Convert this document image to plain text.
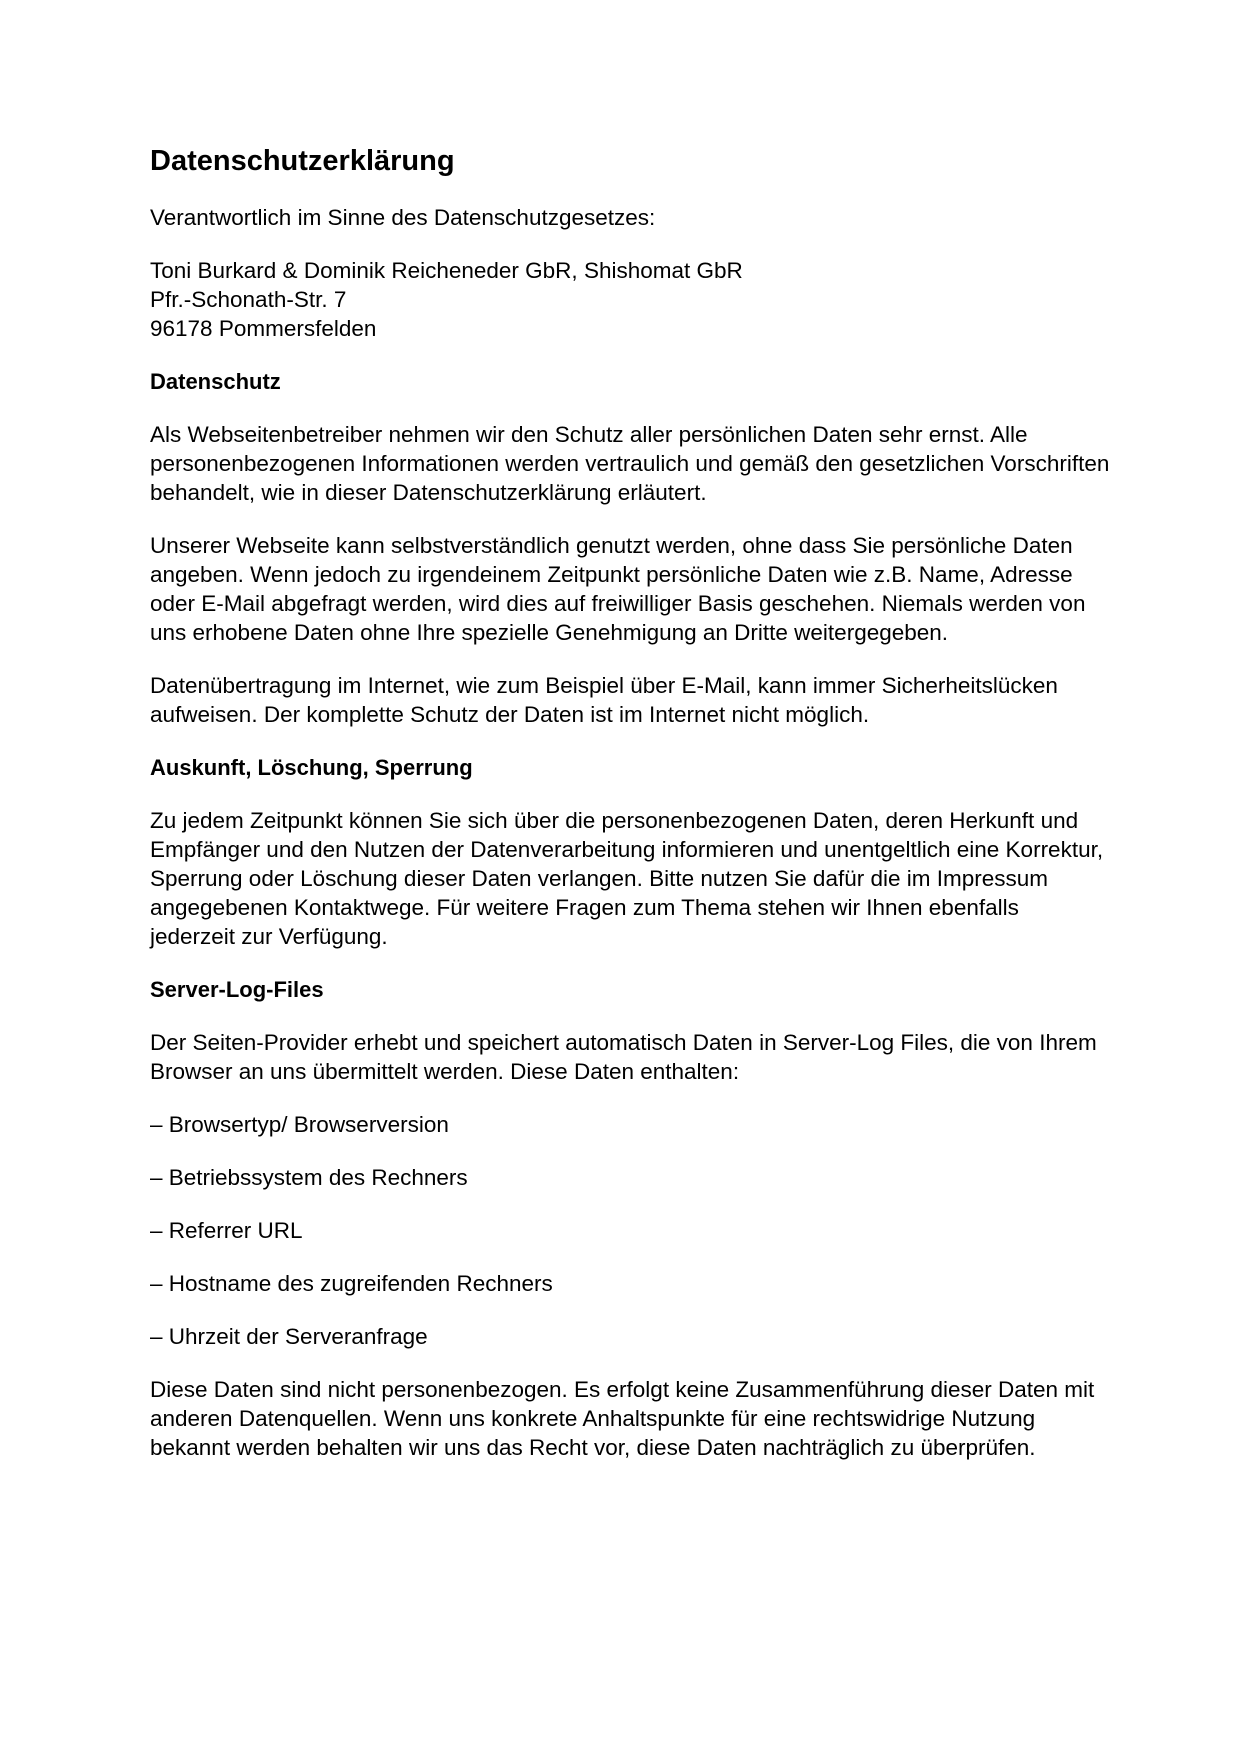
Datenschutzerklärung

Verantwortlich im Sinne des Datenschutzgesetzes:

Toni Burkard & Dominik Reicheneder GbR, Shishomat GbR
Pfr.-Schonath-Str. 7
96178 Pommersfelden

Datenschutz

Als Webseitenbetreiber nehmen wir den Schutz aller persönlichen Daten sehr ernst. Alle personenbezogenen Informationen werden vertraulich und gemäß den gesetzlichen Vorschriften behandelt, wie in dieser Datenschutzerklärung erläutert.

Unserer Webseite kann selbstverständlich genutzt werden, ohne dass Sie persönliche Daten angeben. Wenn jedoch zu irgendeinem Zeitpunkt persönliche Daten wie z.B. Name, Adresse oder E-Mail abgefragt werden, wird dies auf freiwilliger Basis geschehen. Niemals werden von uns erhobene Daten ohne Ihre spezielle Genehmigung an Dritte weitergegeben.

Datenübertragung im Internet, wie zum Beispiel über E-Mail, kann immer Sicherheitslücken aufweisen. Der komplette Schutz der Daten ist im Internet nicht möglich.

Auskunft, Löschung, Sperrung

Zu jedem Zeitpunkt können Sie sich über die personenbezogenen Daten, deren Herkunft und Empfänger und den Nutzen der Datenverarbeitung informieren und unentgeltlich eine Korrektur, Sperrung oder Löschung dieser Daten verlangen. Bitte nutzen Sie dafür die im Impressum angegebenen Kontaktwege. Für weitere Fragen zum Thema stehen wir Ihnen ebenfalls jederzeit zur Verfügung.

Server-Log-Files

Der Seiten-Provider erhebt und speichert automatisch Daten in Server-Log Files, die von Ihrem Browser an uns übermittelt werden. Diese Daten enthalten:

– Browsertyp/ Browserversion

– Betriebssystem des Rechners

– Referrer URL

– Hostname des zugreifenden Rechners

– Uhrzeit der Serveranfrage

Diese Daten sind nicht personenbezogen. Es erfolgt keine Zusammenführung dieser Daten mit anderen Datenquellen. Wenn uns konkrete Anhaltspunkte für eine rechtswidrige Nutzung bekannt werden behalten wir uns das Recht vor, diese Daten nachträglich zu überprüfen.
